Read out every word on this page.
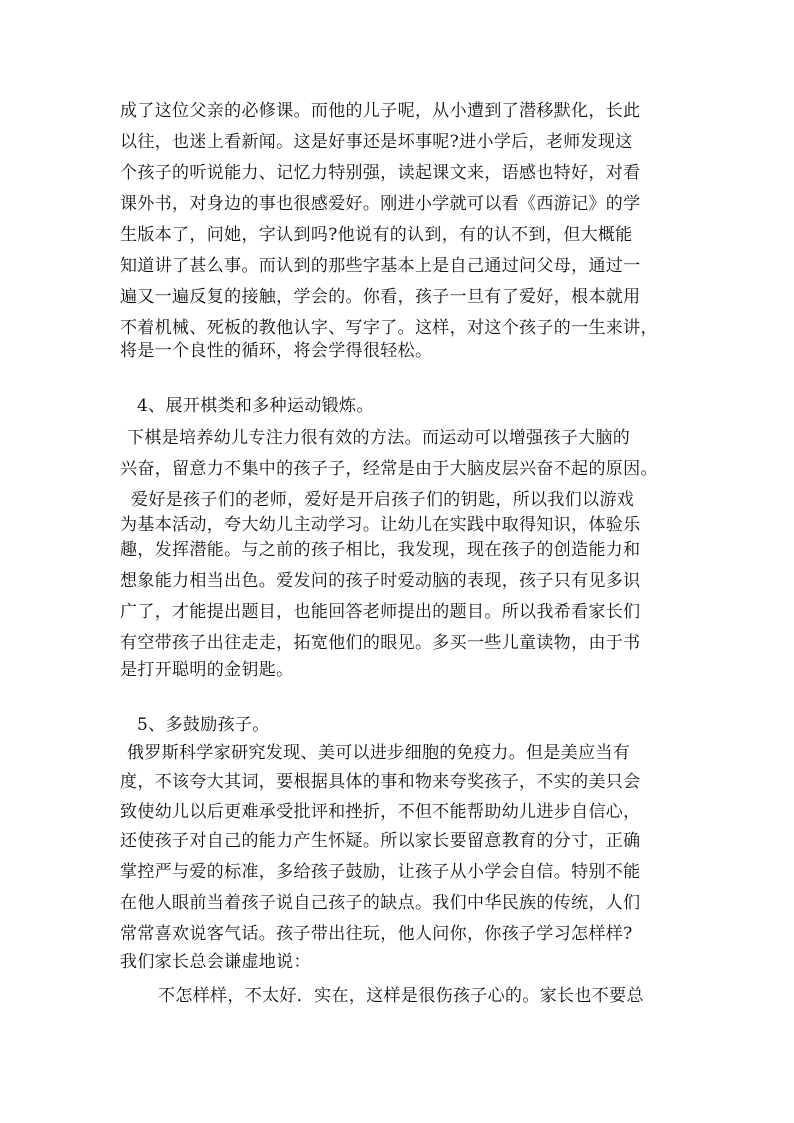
成了这位父亲的必修课。而他的儿子呢，从小遭到了潜移默化，长此
以往，也迷上看新闻。这是好事还是坏事呢?进小学后，老师发现这
个孩子的听说能力、记忆力特别强，读起课文来，语感也特好，对看
课外书，对身边的事也很感爱好。刚进小学就可以看《西游记》的学
生版本了，问她，字认到吗?他说有的认到，有的认不到，但大概能
知道讲了甚么事。而认到的那些字基本上是自己通过问父母，通过一
遍又一遍反复的接触，学会的。你看，孩子一旦有了爱好，根本就用
不着机械、死板的教他认字、写字了。这样，对这个孩子的一生来讲，
将是一个良性的循环，将会学得很轻松。
4、展开棋类和多种运动锻炼。
下棋是培养幼儿专注力很有效的方法。而运动可以增强孩子大脑的
兴奋，留意力不集中的孩子子，经常是由于大脑皮层兴奋不起的原因。
爱好是孩子们的老师，爱好是开启孩子们的钥匙，所以我们以游戏
为基本活动，夸大幼儿主动学习。让幼儿在实践中取得知识，体验乐
趣，发挥潜能。与之前的孩子相比，我发现，现在孩子的创造能力和
想象能力相当出色。爱发问的孩子时爱动脑的表现，孩子只有见多识
广了，才能提出题目，也能回答老师提出的题目。所以我希看家长们
有空带孩子出往走走，拓宽他们的眼见。多买一些儿童读物，由于书
是打开聪明的金钥匙。
5、多鼓励孩子。
俄罗斯科学家研究发现、美可以进步细胞的免疫力。但是美应当有
度，不该夸大其词，要根据具体的事和物来夸奖孩子，不实的美只会
致使幼儿以后更难承受批评和挫折，不但不能帮助幼儿进步自信心，
还使孩子对自己的能力产生怀疑。所以家长要留意教育的分寸，正确
掌控严与爱的标准，多给孩子鼓励，让孩子从小学会自信。特别不能
在他人眼前当着孩子说自己孩子的缺点。我们中华民族的传统，人们
常常喜欢说客气话。孩子带出往玩，他人问你，你孩子学习怎样样?
我们家长总会谦虚地说：
不怎样样，不太好．实在，这样是很伤孩子心的。家长也不要总
